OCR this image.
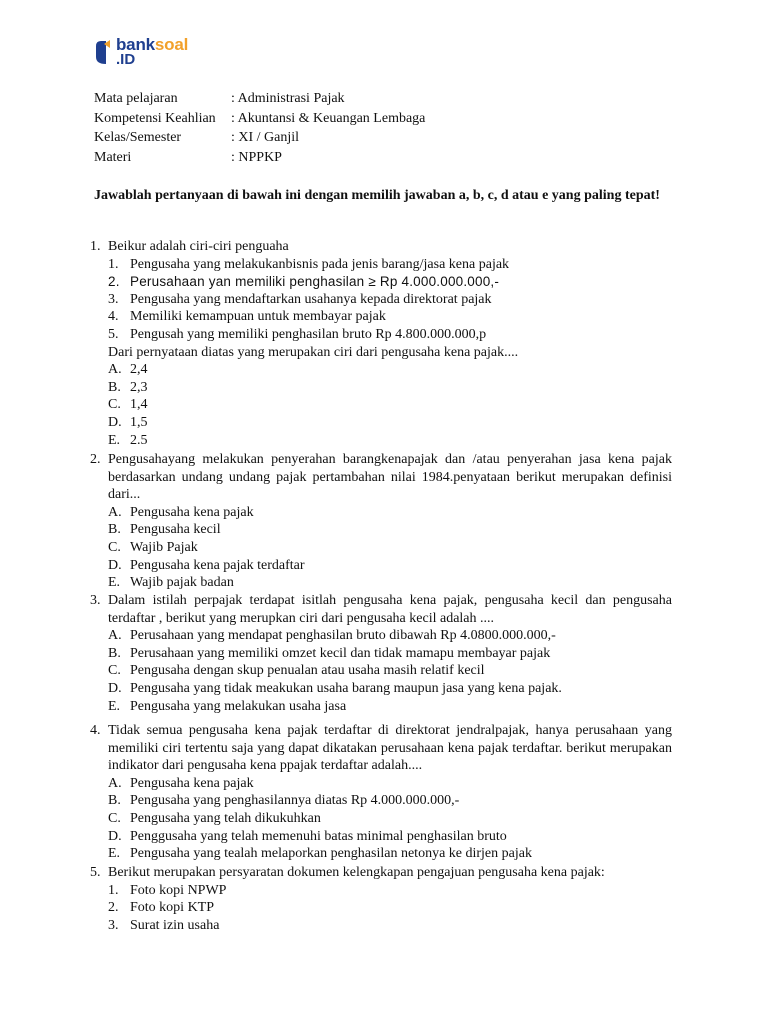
banksoal
.ID
Mata pelajaran	: Administrasi Pajak
Kompetensi Keahlian : Akuntansi & Keuangan Lembaga
Kelas/Semester	: XI / Ganjil
Materi	: NPPKP
Jawablah pertanyaan di bawah ini dengan memilih jawaban a, b, c, d atau e yang paling tepat!
1. Beikur adalah ciri-ciri penguaha
1. Pengusaha yang melakukanbisnis pada jenis barang/jasa kena pajak
2. Perusahaan yan memiliki penghasilan ≥ Rp 4.000.000.000,-
3. Pengusaha yang mendaftarkan usahanya kepada direktorat pajak
4. Memiliki kemampuan untuk membayar pajak
5. Pengusah yang memiliki penghasilan bruto Rp 4.800.000.000,p
Dari pernyataan diatas yang merupakan ciri dari pengusaha kena pajak....
A. 2,4
B. 2,3
C. 1,4
D. 1,5
E. 2.5
2. Pengusahayang melakukan penyerahan barangkenapajak dan /atau penyerahan jasa kena pajak berdasarkan undang undang pajak pertambahan nilai 1984.penyataan berikut merupakan definisi dari...
A. Pengusaha kena pajak
B. Pengusaha kecil
C. Wajib Pajak
D. Pengusaha kena pajak terdaftar
E. Wajib pajak badan
3. Dalam istilah perpajak terdapat isitlah pengusaha kena pajak, pengusaha kecil dan pengusaha terdaftar , berikut yang merupkan ciri dari pengusaha kecil adalah ....
A. Perusahaan yang mendapat penghasilan bruto dibawah Rp 4.0800.000.000,-
B. Perusahaan yang memiliki omzet kecil dan tidak mamapu membayar pajak
C. Pengusaha dengan skup penualan atau usaha masih relatif kecil
D. Pengusaha yang tidak meakukan usaha barang maupun jasa yang kena pajak.
E. Pengusaha yang melakukan usaha jasa
4. Tidak semua pengusaha kena pajak terdaftar di direktorat jendralpajak, hanya perusahaan yang memiliki ciri tertentu saja yang dapat dikatakan perusahaan kena pajak terdaftar. berikut merupakan indikator dari pengusaha kena ppajak terdaftar adalah....
A. Pengusaha kena pajak
B. Pengusaha yang penghasilannya diatas Rp 4.000.000.000,-
C. Pengusaha yang telah dikukuhkan
D. Penggusaha yang telah memenuhi batas minimal penghasilan bruto
E. Pengusaha yang tealah melaporkan penghasilan netonya ke dirjen pajak
5. Berikut merupakan persyaratan dokumen kelengkapan pengajuan pengusaha kena pajak:
1. Foto kopi NPWP
2. Foto kopi KTP
3. Surat izin usaha
